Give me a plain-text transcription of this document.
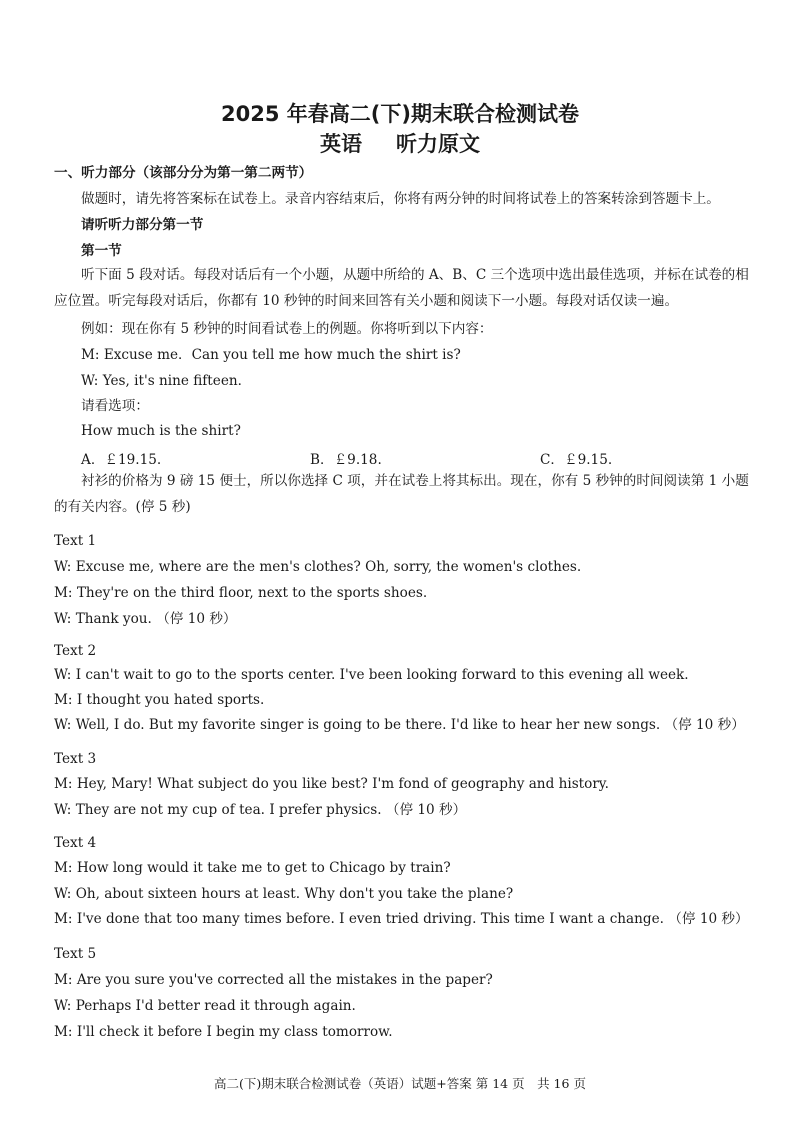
2025 年春高二(下)期末联合检测试卷
英语 听力原文
一、听力部分（该部分分为第一第二两节）
做题时，请先将答案标在试卷上。录音内容结束后，你将有两分钟的时间将试卷上的答案转涂到答题卡上。
请听听力部分第一节
第一节
听下面 5 段对话。每段对话后有一个小题，从题中所给的 A、B、C 三个选项中选出最佳选项，并标在试卷的相应位置。听完每段对话后，你都有 10 秒钟的时间来回答有关小题和阅读下一小题。每段对话仅读一遍。
例如：现在你有 5 秒钟的时间看试卷上的例题。你将听到以下内容：
M: Excuse me．Can you tell me how much the shirt is?
W: Yes, it's nine fifteen．
请看选项：
How much is the shirt?
A．￡19.15.	B．￡9.18.	C．￡9.15.
衬衫的价格为 9 磅 15 便士，所以你选择 C 项，并在试卷上将其标出。现在，你有 5 秒钟的时间阅读第 1 小题的有关内容。(停 5 秒)
Text 1
W: Excuse me, where are the men's clothes? Oh, sorry, the women's clothes.
M: They're on the third floor, next to the sports shoes.
W: Thank you. （停 10 秒）
Text 2
W: I can't wait to go to the sports center. I've been looking forward to this evening all week.
M: I thought you hated sports.
W: Well, I do. But my favorite singer is going to be there. I'd like to hear her new songs. （停 10 秒）
Text 3
M: Hey, Mary! What subject do you like best? I'm fond of geography and history.
W: They are not my cup of tea. I prefer physics. （停 10 秒）
Text 4
M: How long would it take me to get to Chicago by train?
W: Oh, about sixteen hours at least. Why don't you take the plane?
M: I've done that too many times before. I even tried driving. This time I want a change. （停 10 秒）
Text 5
M: Are you sure you've corrected all the mistakes in the paper?
W: Perhaps I'd better read it through again.
M: I'll check it before I begin my class tomorrow.
高二(下)期末联合检测试卷（英语）试题+答案 第 14 页　共 16 页
